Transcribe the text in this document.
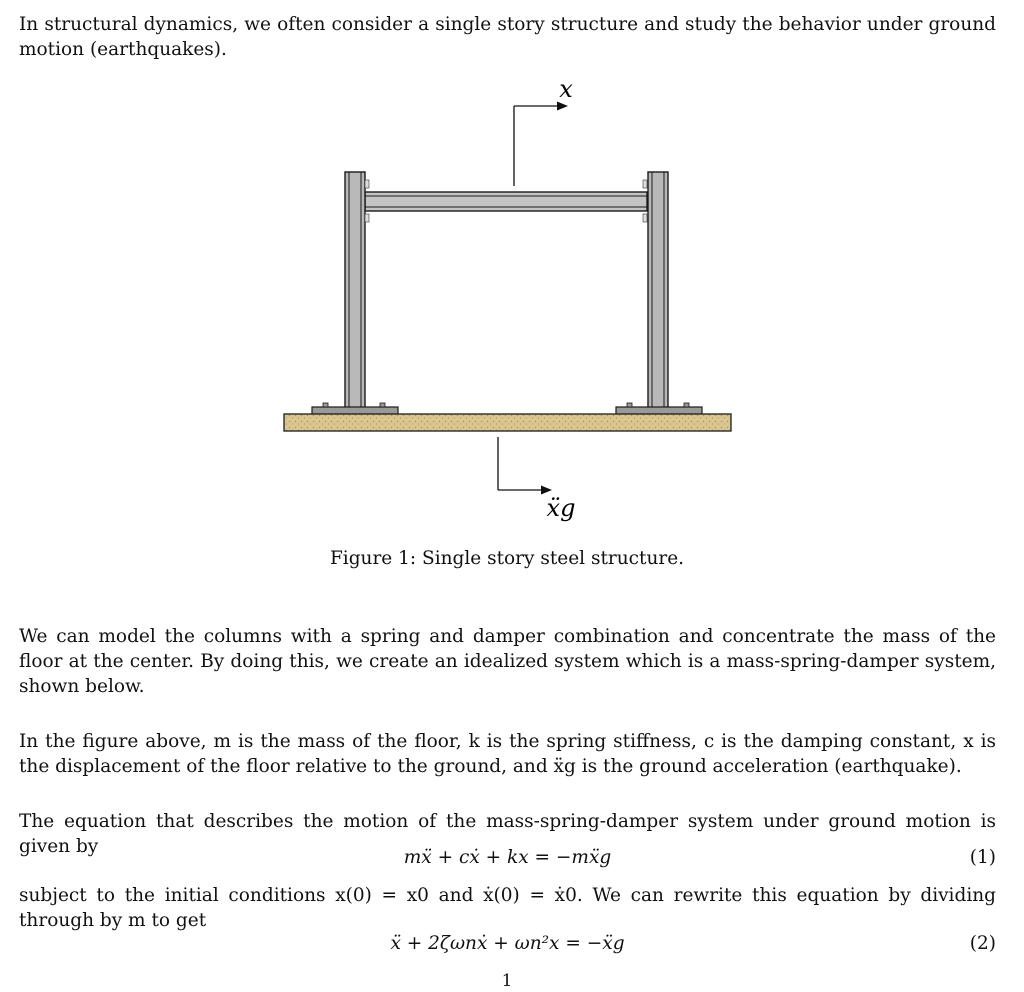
In structural dynamics, we often consider a single story structure and study the behavior under ground motion (earthquakes).

x
ẍg
Figure 1: Single story steel structure.

We can model the columns with a spring and damper combination and concentrate the mass of the floor at the center. By doing this, we create an idealized system which is a mass-spring-damper system, shown below.

In the figure above, m is the mass of the floor, k is the spring stiffness, c is the damping constant, x is the displacement of the floor relative to the ground, and ẍg is the ground acceleration (earthquake).

The equation that describes the motion of the mass-spring-damper system under ground motion is given by

mẍ + cẋ + kx = −mẍg	(1)

subject to the initial conditions x(0) = x0 and ẋ(0) = ẋ0. We can rewrite this equation by dividing through by m to get

ẍ + 2ζωnẋ + ωn²x = −ẍg	(2)
1
